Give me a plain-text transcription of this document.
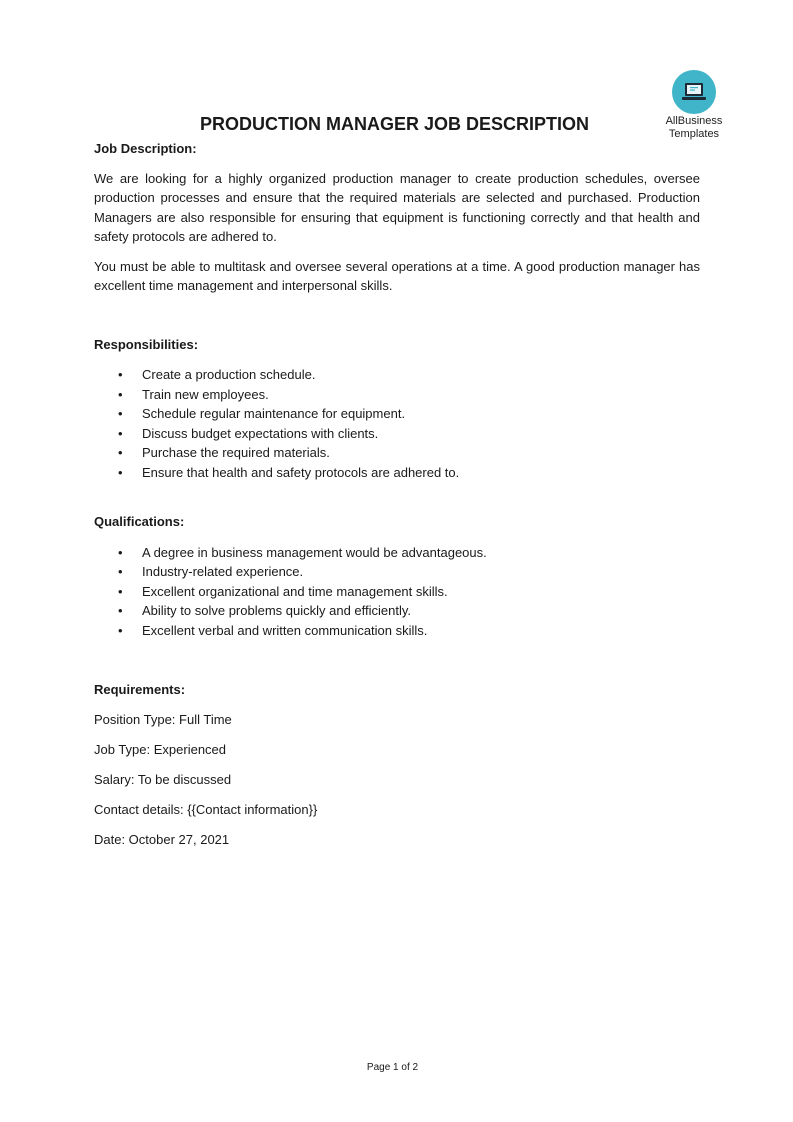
AllBusiness
Templates
PRODUCTION MANAGER JOB DESCRIPTION
Job Description:
We are looking for a highly organized production manager to create production schedules, oversee production processes and ensure that the required materials are selected and purchased. Production Managers are also responsible for ensuring that equipment is functioning correctly and that health and safety protocols are adhered to.
You must be able to multitask and oversee several operations at a time. A good production manager has excellent time management and interpersonal skills.
Responsibilities:
• Create a production schedule.
• Train new employees.
• Schedule regular maintenance for equipment.
• Discuss budget expectations with clients.
• Purchase the required materials.
• Ensure that health and safety protocols are adhered to.
Qualifications:
• A degree in business management would be advantageous.
• Industry-related experience.
• Excellent organizational and time management skills.
• Ability to solve problems quickly and efficiently.
• Excellent verbal and written communication skills.
Requirements:
Position Type: Full Time
Job Type: Experienced
Salary: To be discussed
Contact details: {{Contact information}}
Date: October 27, 2021
Page 1 of 2
